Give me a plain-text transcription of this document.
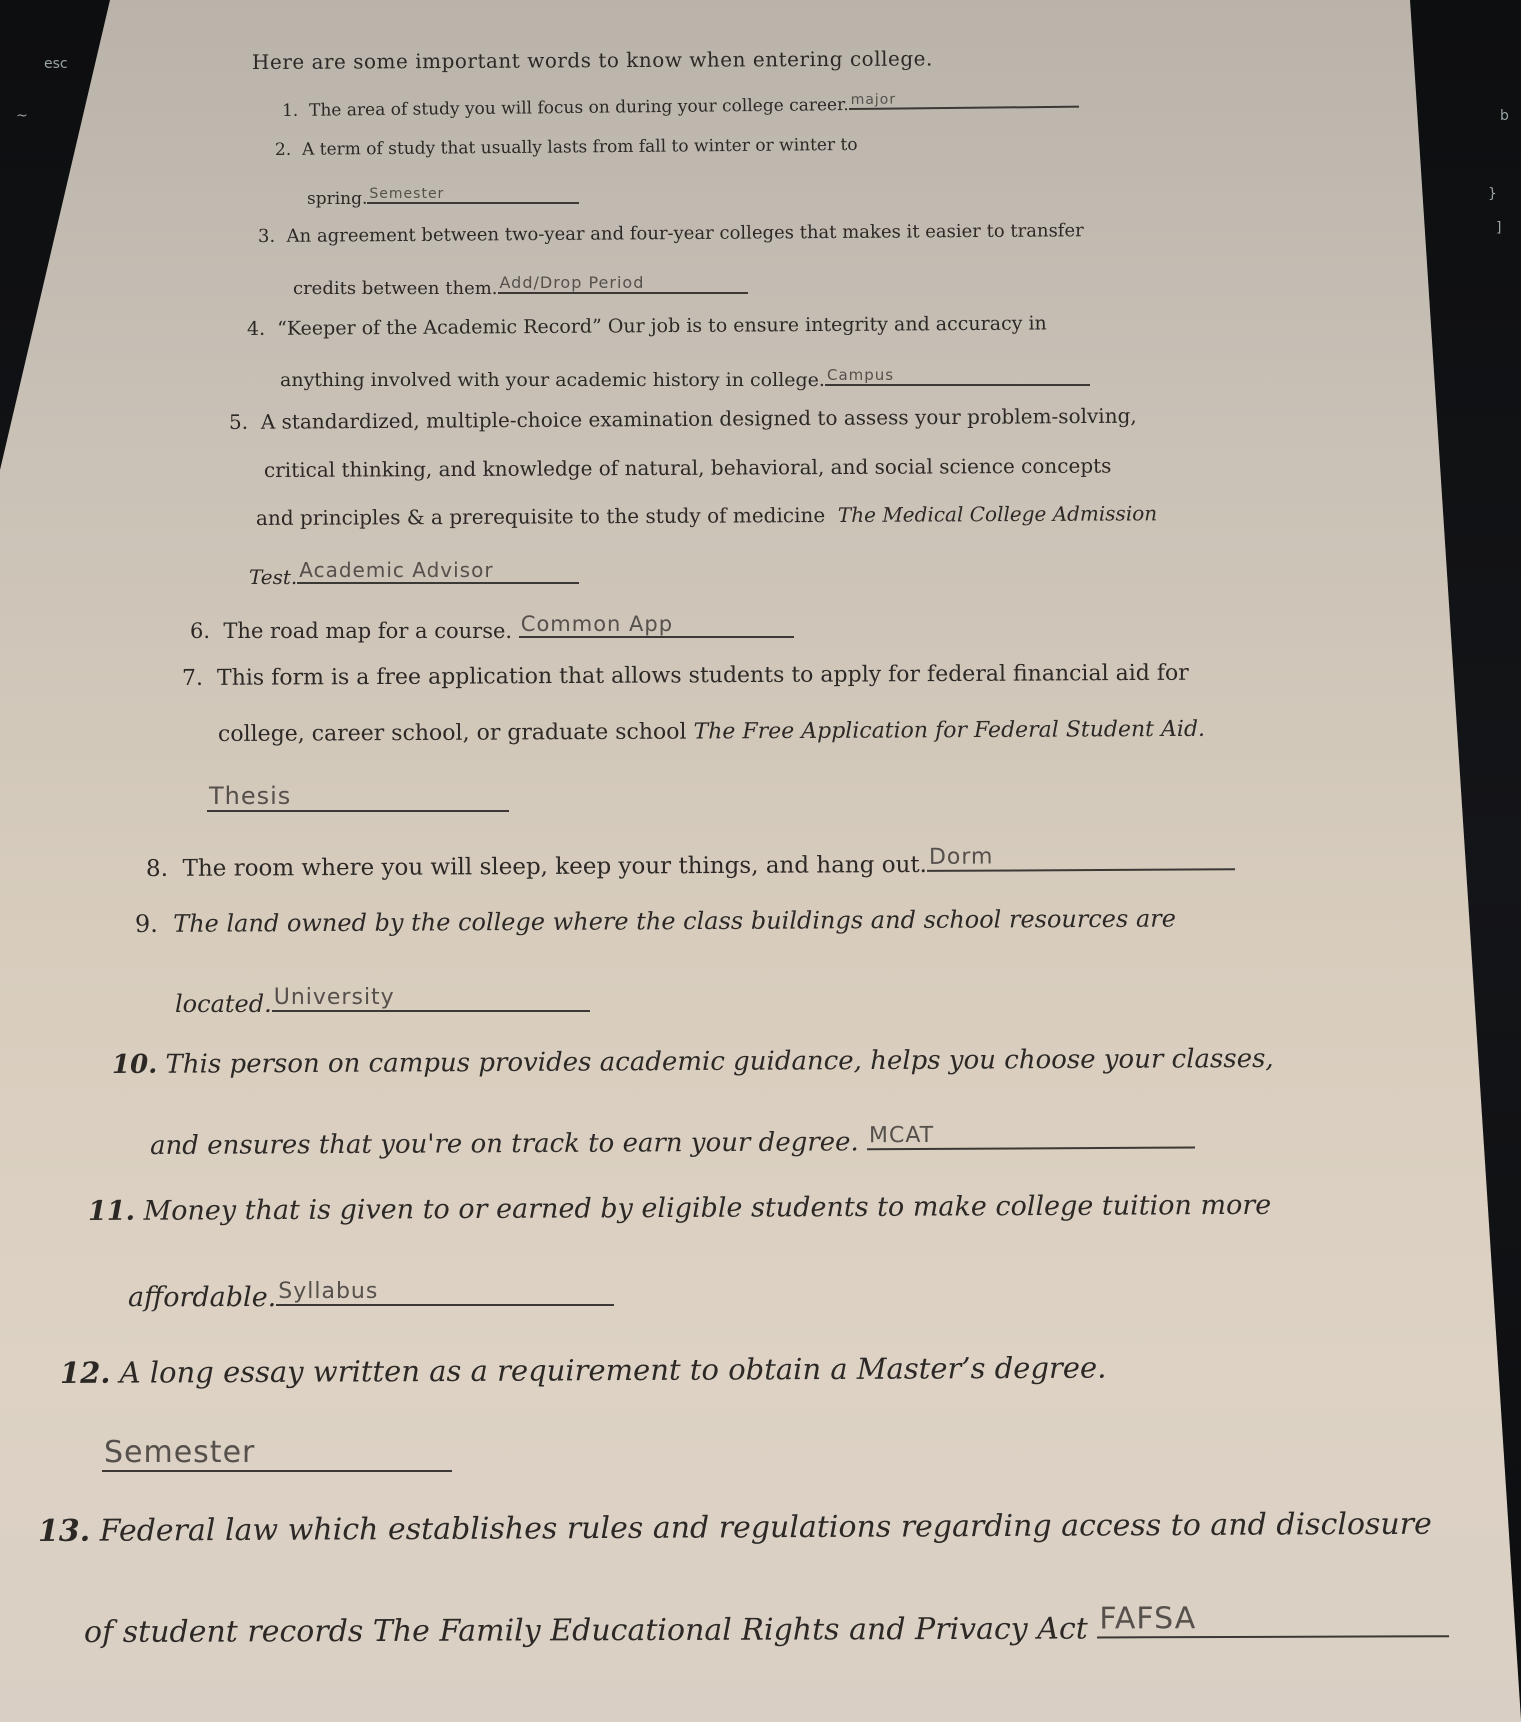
esc
~	b
}
]
Here are some important words to know when entering college.
1. The area of study you will focus on during your college career. major
2. A term of study that usually lasts from fall to winter or winter to
spring. Semester
3. An agreement between two-year and four-year colleges that makes it easier to transfer
credits between them. Add/Drop Period
4. “Keeper of the Academic Record” Our job is to ensure integrity and accuracy in
anything involved with your academic history in college. Campus
5. A standardized, multiple-choice examination designed to assess your problem-solving,
critical thinking, and knowledge of natural, behavioral, and social science concepts
and principles & a prerequisite to the study of medicine The Medical College Admission
Test. Academic Advisor
6. The road map for a course. Common App
7. This form is a free application that allows students to apply for federal financial aid for
college, career school, or graduate school The Free Application for Federal Student Aid.
Thesis
8. The room where you will sleep, keep your things, and hang out. Dorm
9. The land owned by the college where the class buildings and school resources are
located. University
10. This person on campus provides academic guidance, helps you choose your classes,
and ensures that you're on track to earn your degree. MCAT
11. Money that is given to or earned by eligible students to make college tuition more
affordable. Syllabus
12. A long essay written as a requirement to obtain a Master’s degree.
Semester
13. Federal law which establishes rules and regulations regarding access to and disclosure
of student records The Family Educational Rights and Privacy Act FAFSA
